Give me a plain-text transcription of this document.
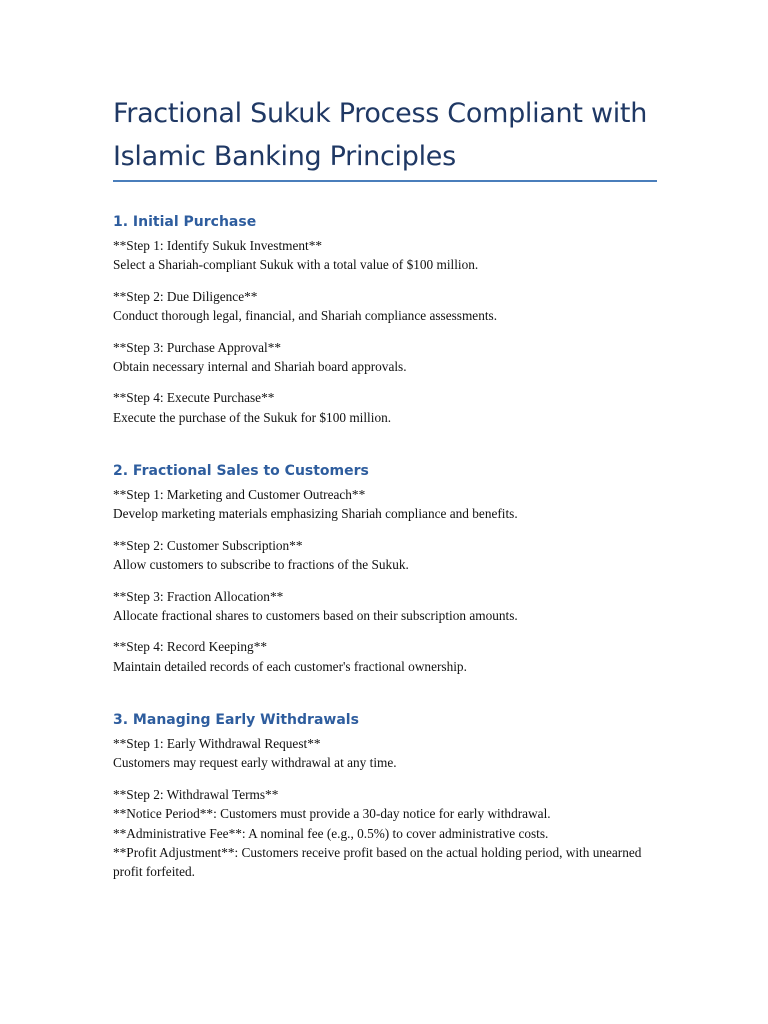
Fractional Sukuk Process Compliant with Islamic Banking Principles
1. Initial Purchase
**Step 1: Identify Sukuk Investment**
Select a Shariah-compliant Sukuk with a total value of $100 million.
**Step 2: Due Diligence**
Conduct thorough legal, financial, and Shariah compliance assessments.
**Step 3: Purchase Approval**
Obtain necessary internal and Shariah board approvals.
**Step 4: Execute Purchase**
Execute the purchase of the Sukuk for $100 million.
2. Fractional Sales to Customers
**Step 1: Marketing and Customer Outreach**
Develop marketing materials emphasizing Shariah compliance and benefits.
**Step 2: Customer Subscription**
Allow customers to subscribe to fractions of the Sukuk.
**Step 3: Fraction Allocation**
Allocate fractional shares to customers based on their subscription amounts.
**Step 4: Record Keeping**
Maintain detailed records of each customer's fractional ownership.
3. Managing Early Withdrawals
**Step 1: Early Withdrawal Request**
Customers may request early withdrawal at any time.
**Step 2: Withdrawal Terms**
**Notice Period**: Customers must provide a 30-day notice for early withdrawal.
**Administrative Fee**: A nominal fee (e.g., 0.5%) to cover administrative costs.
**Profit Adjustment**: Customers receive profit based on the actual holding period, with unearned profit forfeited.
